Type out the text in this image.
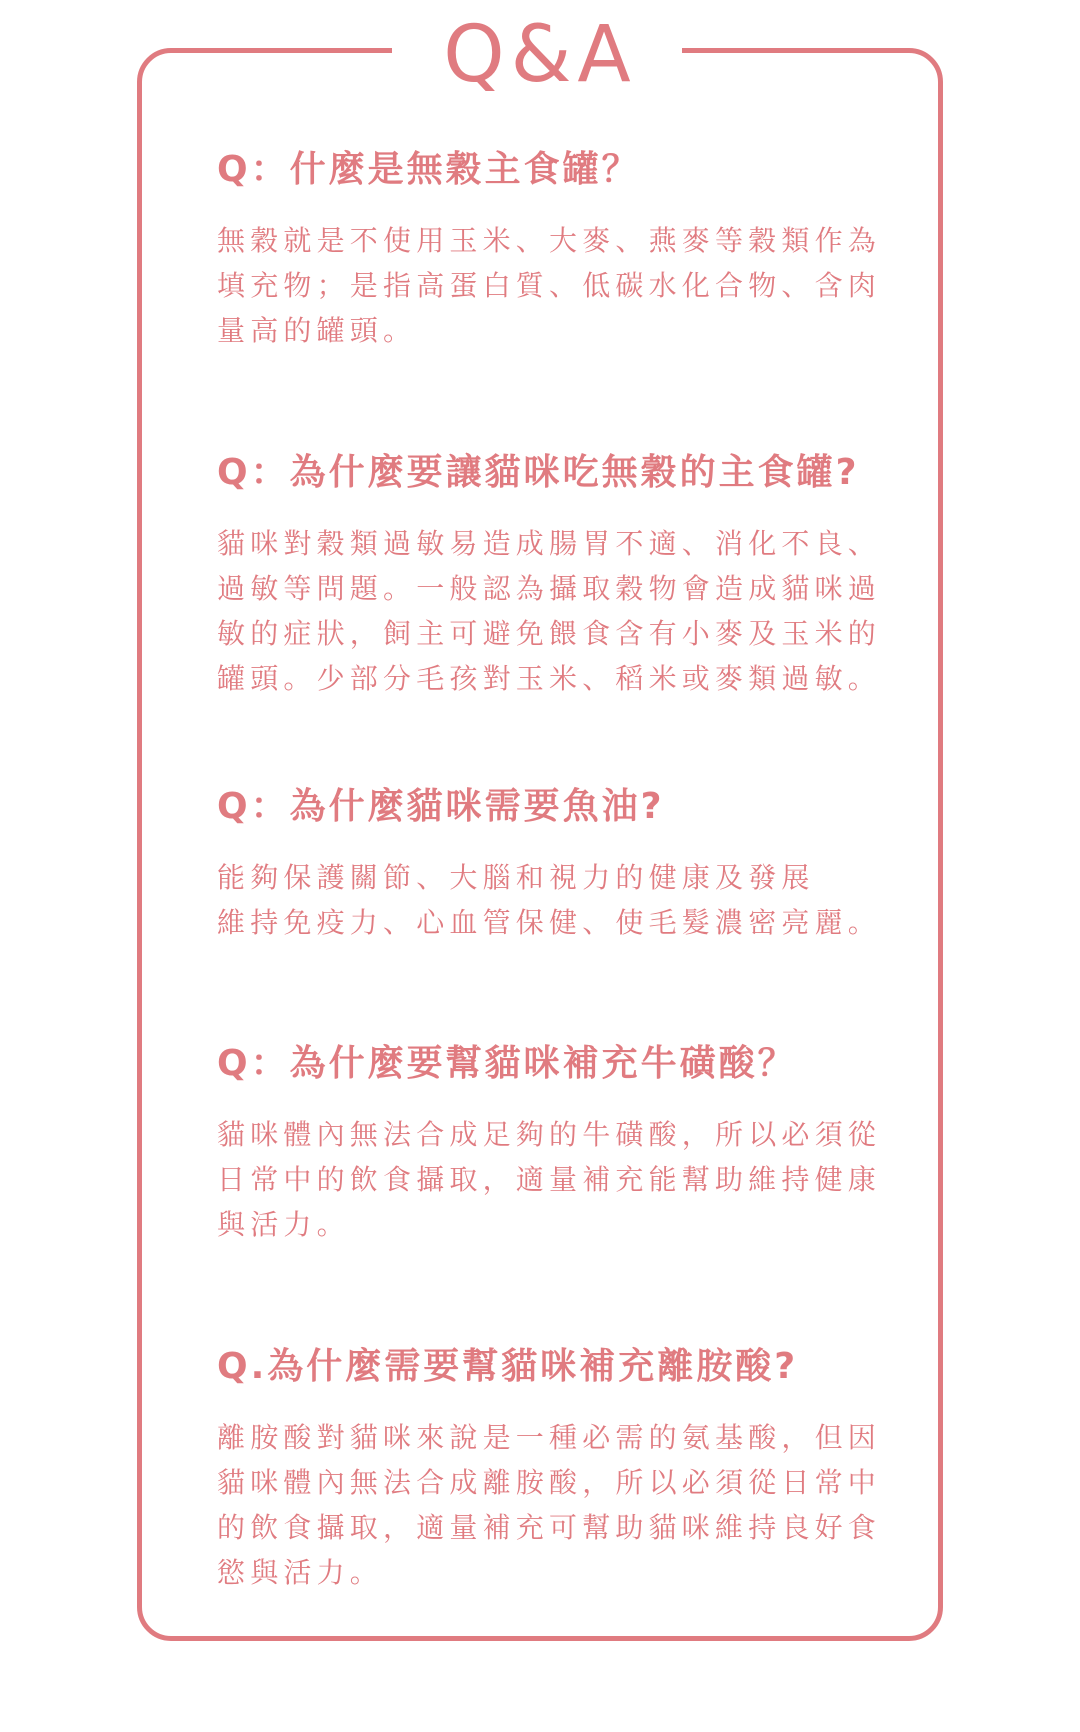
Q&A

Q：什麼是無穀主食罐？

無穀就是不使用玉米、大麥、燕麥等穀類作為
填充物；是指高蛋白質、低碳水化合物、含肉
量高的罐頭。

Q：為什麼要讓貓咪吃無穀的主食罐?

貓咪對穀類過敏易造成腸胃不適、消化不良、
過敏等問題。一般認為攝取穀物會造成貓咪過
敏的症狀，飼主可避免餵食含有小麥及玉米的
罐頭。少部分毛孩對玉米、稻米或麥類過敏。

Q：為什麼貓咪需要魚油?

能夠保護關節、大腦和視力的健康及發展
維持免疫力、心血管保健、使毛髮濃密亮麗。

Q：為什麼要幫貓咪補充牛磺酸？

貓咪體內無法合成足夠的牛磺酸，所以必須從
日常中的飲食攝取，適量補充能幫助維持健康
與活力。

Q.為什麼需要幫貓咪補充離胺酸?

離胺酸對貓咪來說是一種必需的氨基酸，但因
貓咪體內無法合成離胺酸，所以必須從日常中
的飲食攝取，適量補充可幫助貓咪維持良好食
慾與活力。
